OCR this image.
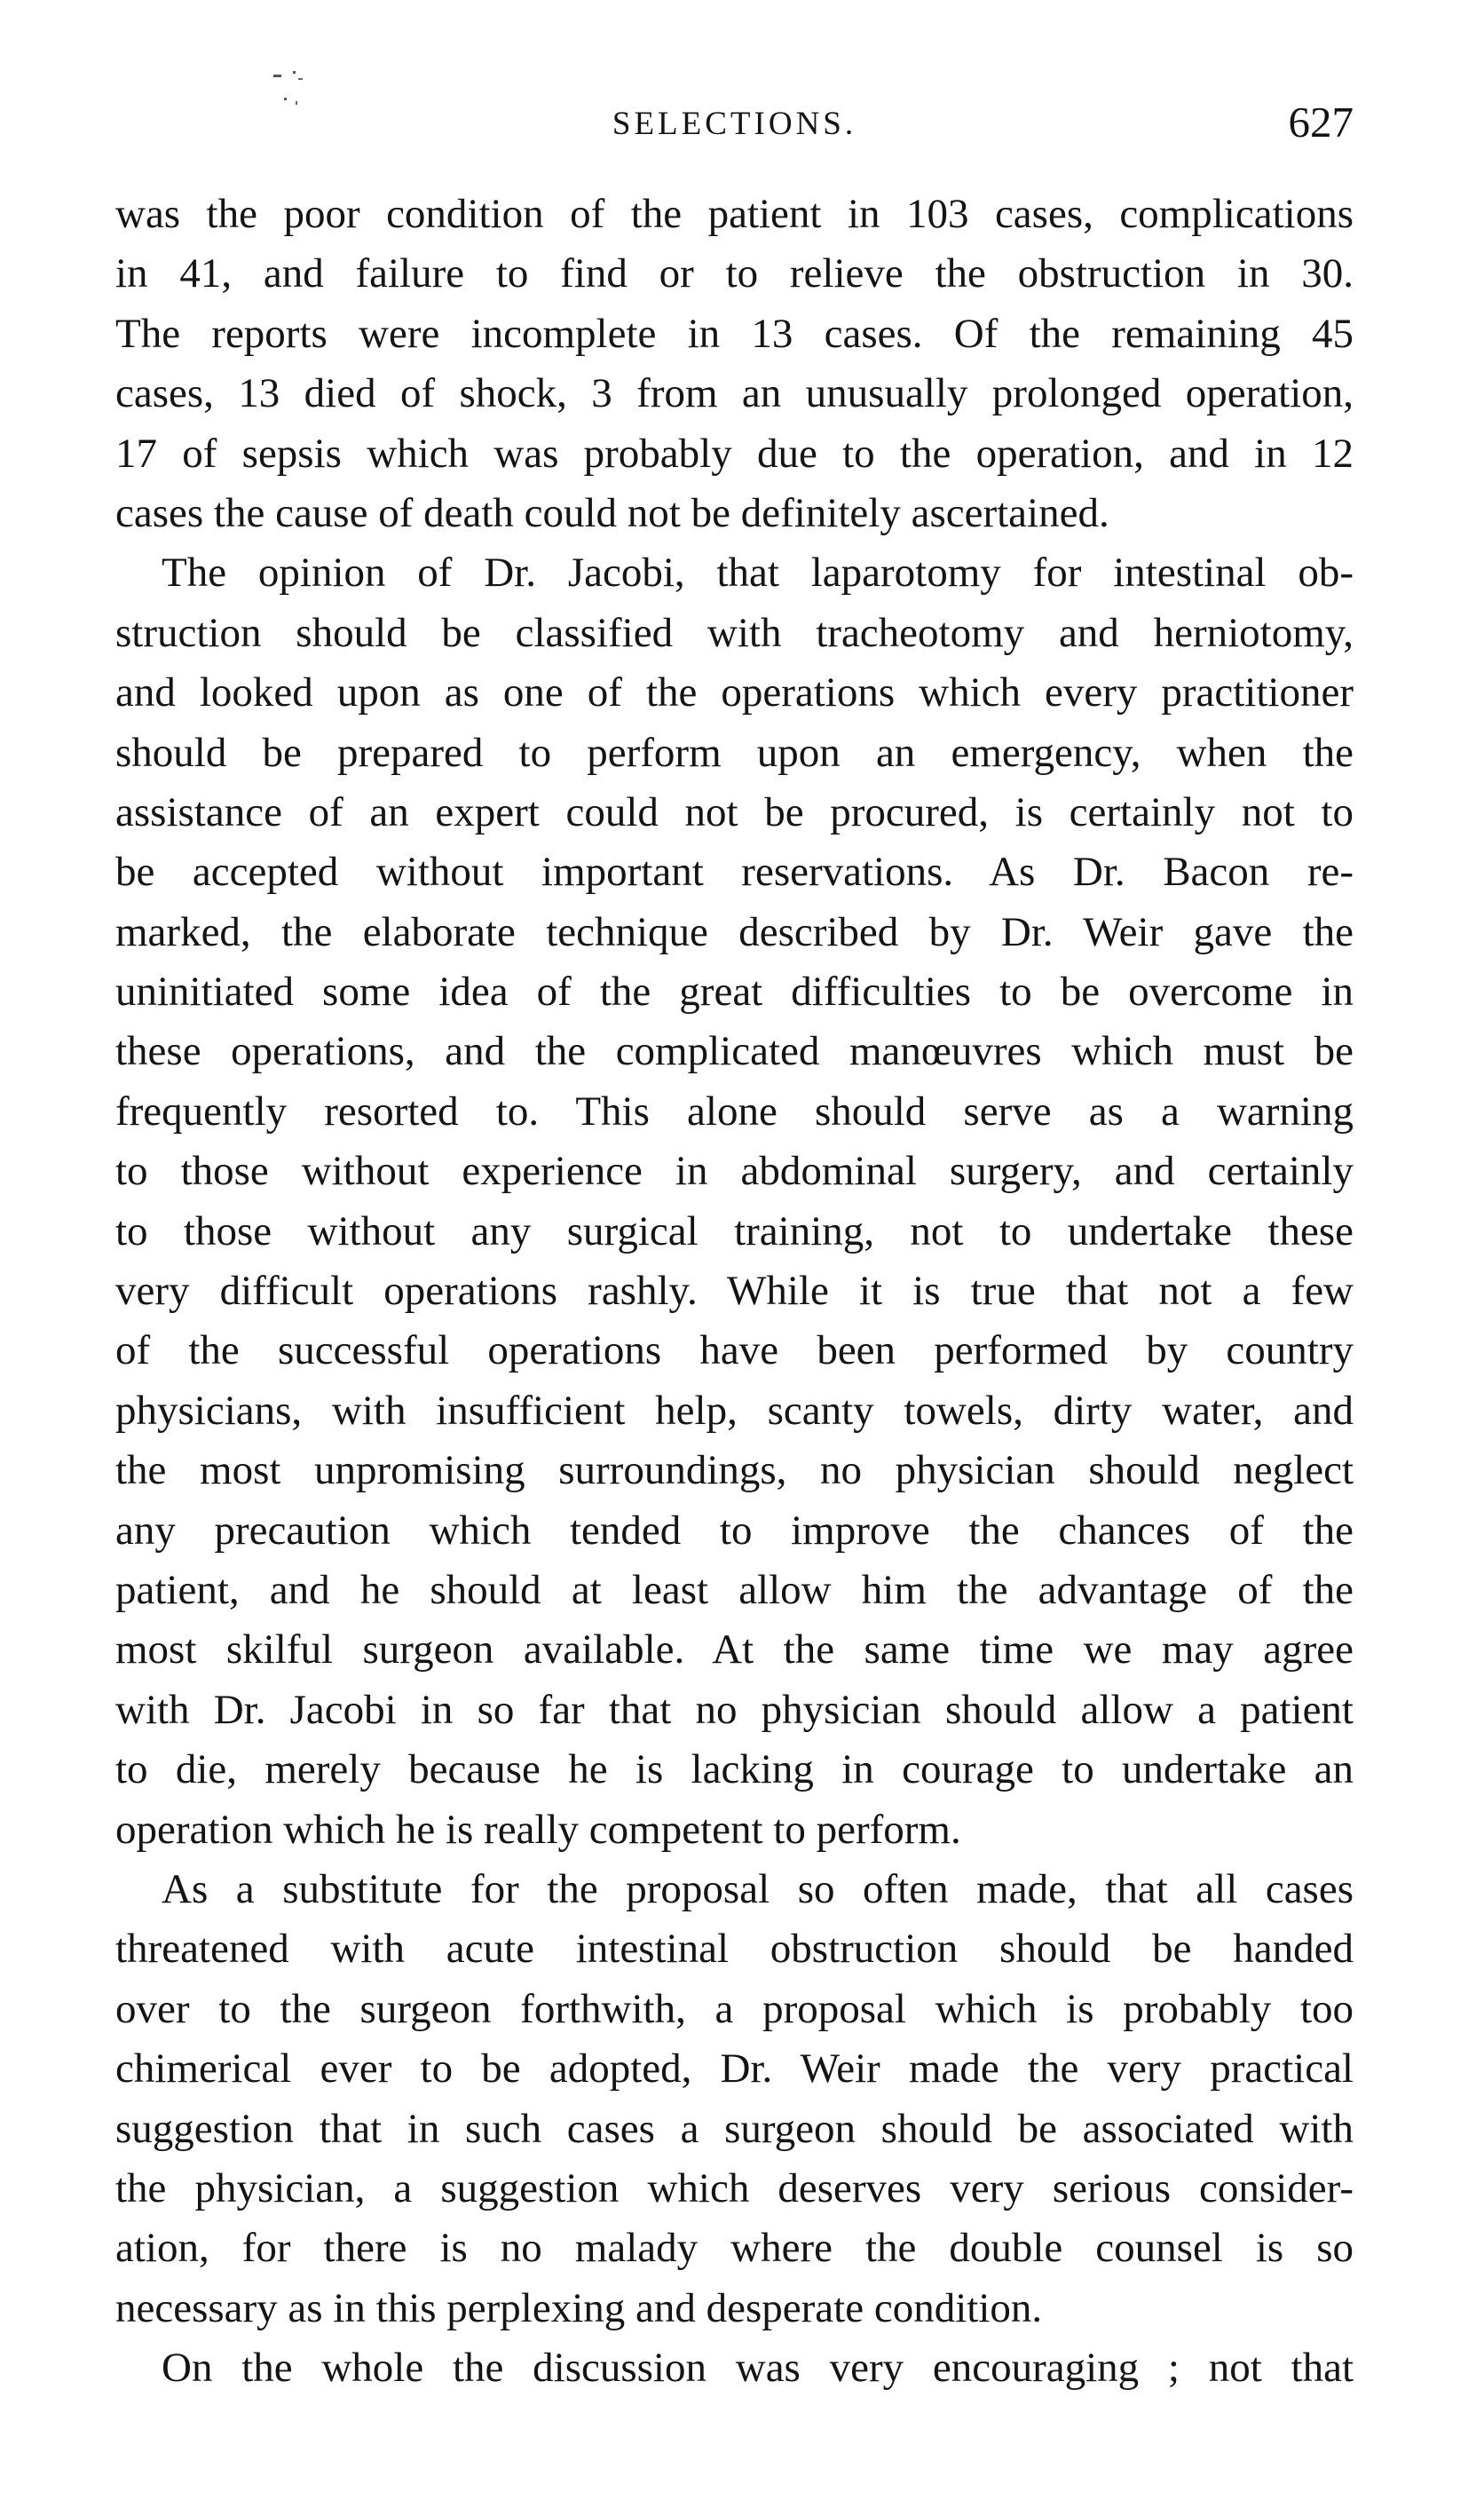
SELECTIONS.	627
was the poor condition of the patient in 103 cases, complications
in 41, and failure to find or to relieve the obstruction in 30.
The reports were incomplete in 13 cases. Of the remaining 45
cases, 13 died of shock, 3 from an unusually prolonged operation,
17 of sepsis which was probably due to the operation, and in 12
cases the cause of death could not be definitely ascertained.
The opinion of Dr. Jacobi, that laparotomy for intestinal ob-
struction should be classified with tracheotomy and herniotomy,
and looked upon as one of the operations which every practitioner
should be prepared to perform upon an emergency, when the
assistance of an expert could not be procured, is certainly not to
be accepted without important reservations. As Dr. Bacon re-
marked, the elaborate technique described by Dr. Weir gave the
uninitiated some idea of the great difficulties to be overcome in
these operations, and the complicated manœuvres which must be
frequently resorted to. This alone should serve as a warning
to those without experience in abdominal surgery, and certainly
to those without any surgical training, not to undertake these
very difficult operations rashly. While it is true that not a few
of the successful operations have been performed by country
physicians, with insufficient help, scanty towels, dirty water, and
the most unpromising surroundings, no physician should neglect
any precaution which tended to improve the chances of the
patient, and he should at least allow him the advantage of the
most skilful surgeon available. At the same time we may agree
with Dr. Jacobi in so far that no physician should allow a patient
to die, merely because he is lacking in courage to undertake an
operation which he is really competent to perform.
As a substitute for the proposal so often made, that all cases
threatened with acute intestinal obstruction should be handed
over to the surgeon forthwith, a proposal which is probably too
chimerical ever to be adopted, Dr. Weir made the very practical
suggestion that in such cases a surgeon should be associated with
the physician, a suggestion which deserves very serious consider-
ation, for there is no malady where the double counsel is so
necessary as in this perplexing and desperate condition.
On the whole the discussion was very encouraging ; not that
